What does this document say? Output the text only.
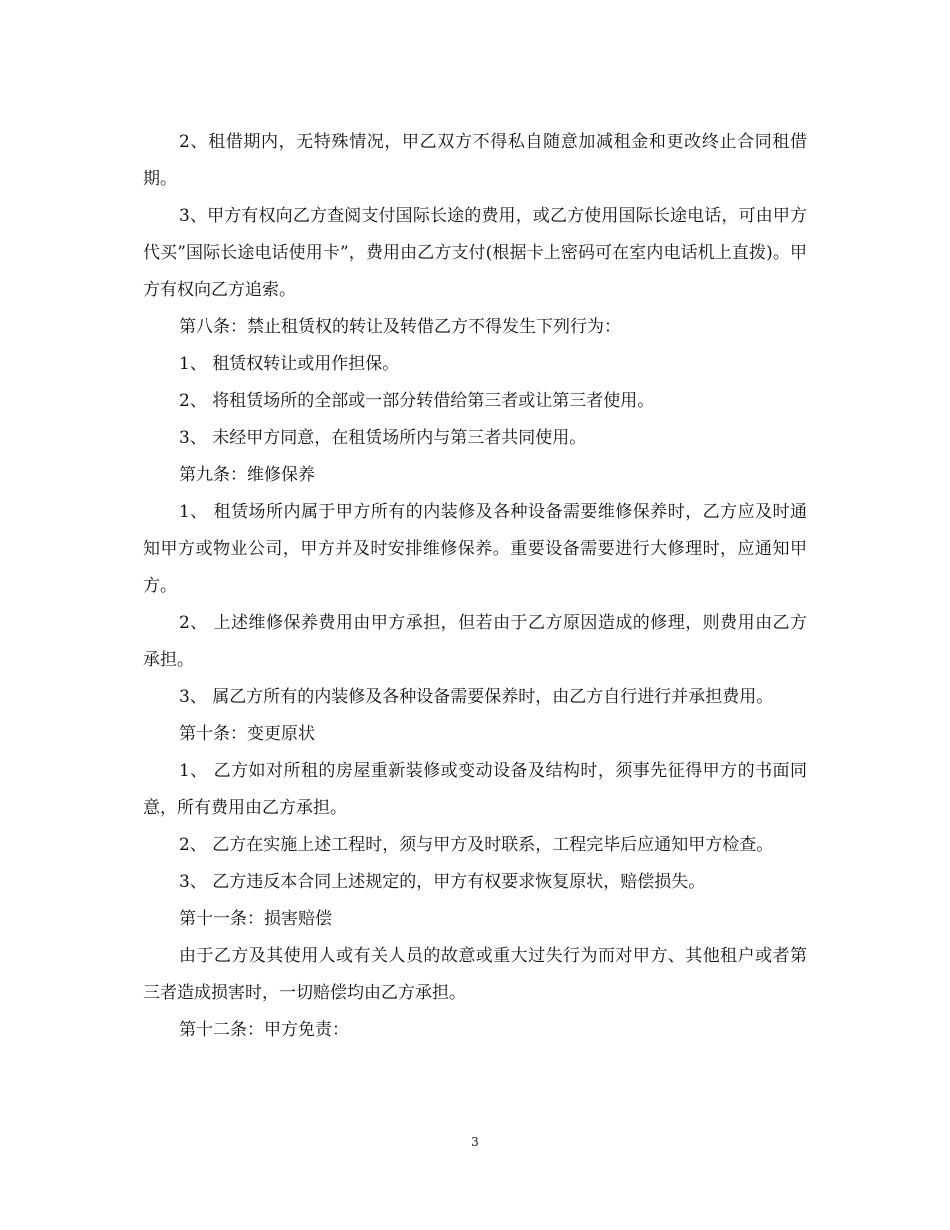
2、租借期内，无特殊情况，甲乙双方不得私自随意加减租金和更改终止合同租借期。

3、甲方有权向乙方查阅支付国际长途的费用，或乙方使用国际长途电话，可由甲方代买”国际长途电话使用卡”，费用由乙方支付(根据卡上密码可在室内电话机上直拨)。甲方有权向乙方追索。

第八条：禁止租赁权的转让及转借乙方不得发生下列行为：

1、 租赁权转让或用作担保。

2、 将租赁场所的全部或一部分转借给第三者或让第三者使用。

3、 未经甲方同意，在租赁场所内与第三者共同使用。

第九条：维修保养

1、 租赁场所内属于甲方所有的内装修及各种设备需要维修保养时，乙方应及时通知甲方或物业公司，甲方并及时安排维修保养。重要设备需要进行大修理时，应通知甲方。

2、 上述维修保养费用由甲方承担，但若由于乙方原因造成的修理，则费用由乙方承担。

3、 属乙方所有的内装修及各种设备需要保养时，由乙方自行进行并承担费用。

第十条：变更原状

1、 乙方如对所租的房屋重新装修或变动设备及结构时，须事先征得甲方的书面同意，所有费用由乙方承担。

2、 乙方在实施上述工程时，须与甲方及时联系，工程完毕后应通知甲方检查。

3、 乙方违反本合同上述规定的，甲方有权要求恢复原状，赔偿损失。

第十一条：损害赔偿

由于乙方及其使用人或有关人员的故意或重大过失行为而对甲方、其他租户或者第三者造成损害时，一切赔偿均由乙方承担。

第十二条：甲方免责：

3
